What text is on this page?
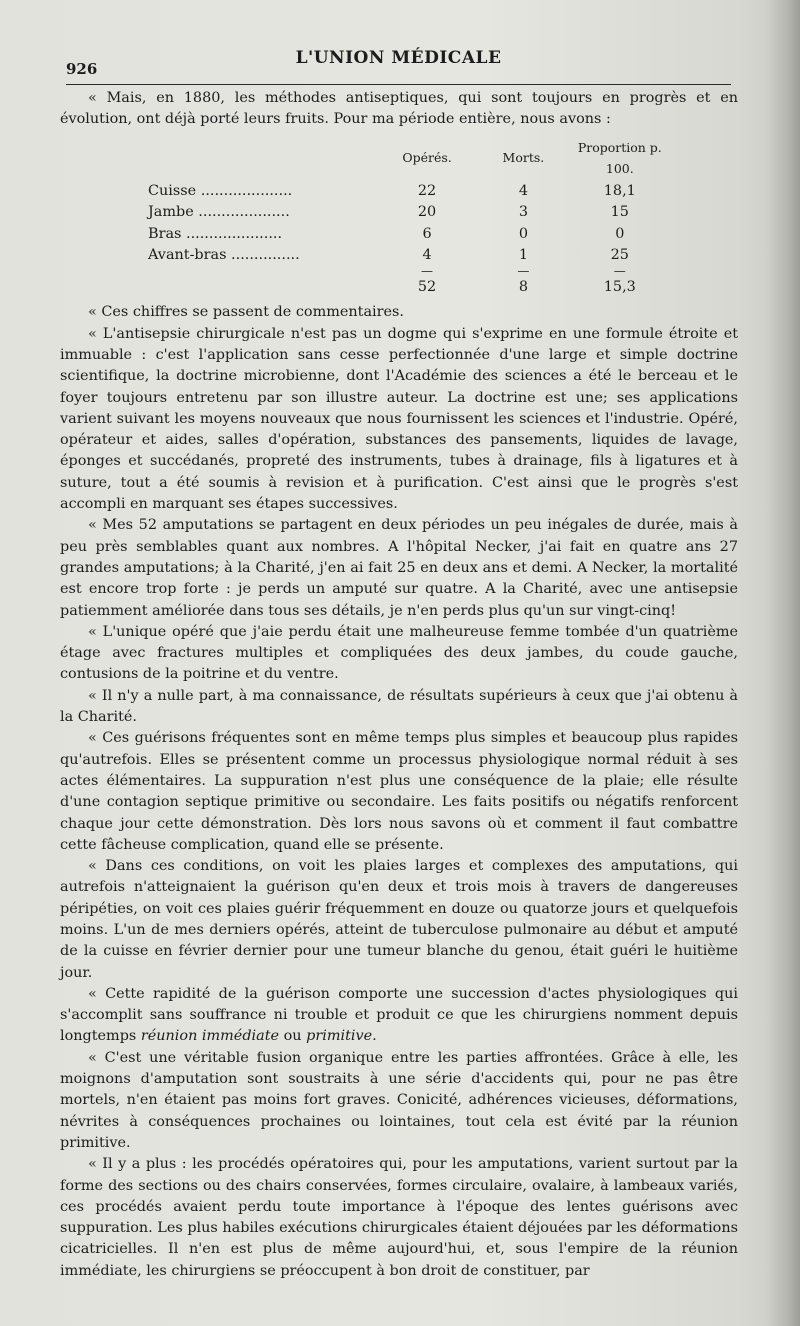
926
L'UNION MÉDICALE

« Mais, en 1880, les méthodes antiseptiques, qui sont toujours en progrès et en évolution, ont déjà porté leurs fruits. Pour ma période entière, nous avons :

	Opérés.	Morts.	Proportion p. 100.
Cuisse ....................	22	4	18,1
Jambe ....................	20	3	15
Bras .....................	6	0	0
Avant-bras ...............	4	1	25
	—	—	—
	52	8	15,3

« Ces chiffres se passent de commentaires.

« L'antisepsie chirurgicale n'est pas un dogme qui s'exprime en une formule étroite et immuable : c'est l'application sans cesse perfectionnée d'une large et simple doctrine scientifique, la doctrine microbienne, dont l'Académie des sciences a été le berceau et le foyer toujours entretenu par son illustre auteur. La doctrine est une; ses applications varient suivant les moyens nouveaux que nous fournissent les sciences et l'industrie. Opéré, opérateur et aides, salles d'opération, substances des pansements, liquides de lavage, éponges et succédanés, propreté des instruments, tubes à drainage, fils à ligatures et à suture, tout a été soumis à revision et à purification. C'est ainsi que le progrès s'est accompli en marquant ses étapes successives.

« Mes 52 amputations se partagent en deux périodes un peu inégales de durée, mais à peu près semblables quant aux nombres. A l'hôpital Necker, j'ai fait en quatre ans 27 grandes amputations; à la Charité, j'en ai fait 25 en deux ans et demi. A Necker, la mortalité est encore trop forte : je perds un amputé sur quatre. A la Charité, avec une antisepsie patiemment améliorée dans tous ses détails, je n'en perds plus qu'un sur vingt-cinq!

« L'unique opéré que j'aie perdu était une malheureuse femme tombée d'un quatrième étage avec fractures multiples et compliquées des deux jambes, du coude gauche, contusions de la poitrine et du ventre.

« Il n'y a nulle part, à ma connaissance, de résultats supérieurs à ceux que j'ai obtenu à la Charité.

« Ces guérisons fréquentes sont en même temps plus simples et beaucoup plus rapides qu'autrefois. Elles se présentent comme un processus physiologique normal réduit à ses actes élémentaires. La suppuration n'est plus une conséquence de la plaie; elle résulte d'une contagion septique primitive ou secondaire. Les faits positifs ou négatifs renforcent chaque jour cette démonstration. Dès lors nous savons où et comment il faut combattre cette fâcheuse complication, quand elle se présente.

« Dans ces conditions, on voit les plaies larges et complexes des amputations, qui autrefois n'atteignaient la guérison qu'en deux et trois mois à travers de dangereuses péripéties, on voit ces plaies guérir fréquemment en douze ou quatorze jours et quelquefois moins. L'un de mes derniers opérés, atteint de tuberculose pulmonaire au début et amputé de la cuisse en février dernier pour une tumeur blanche du genou, était guéri le huitième jour.

« Cette rapidité de la guérison comporte une succession d'actes physiologiques qui s'accomplit sans souffrance ni trouble et produit ce que les chirurgiens nomment depuis longtemps réunion immédiate ou primitive.

« C'est une véritable fusion organique entre les parties affrontées. Grâce à elle, les moignons d'amputation sont soustraits à une série d'accidents qui, pour ne pas être mortels, n'en étaient pas moins fort graves. Conicité, adhérences vicieuses, déformations, névrites à conséquences prochaines ou lointaines, tout cela est évité par la réunion primitive.

« Il y a plus : les procédés opératoires qui, pour les amputations, varient surtout par la forme des sections ou des chairs conservées, formes circulaire, ovalaire, à lambeaux variés, ces procédés avaient perdu toute importance à l'époque des lentes guérisons avec suppuration. Les plus habiles exécutions chirurgicales étaient déjouées par les déformations cicatricielles. Il n'en est plus de même aujourd'hui, et, sous l'empire de la réunion immédiate, les chirurgiens se préoccupent à bon droit de constituer, par
